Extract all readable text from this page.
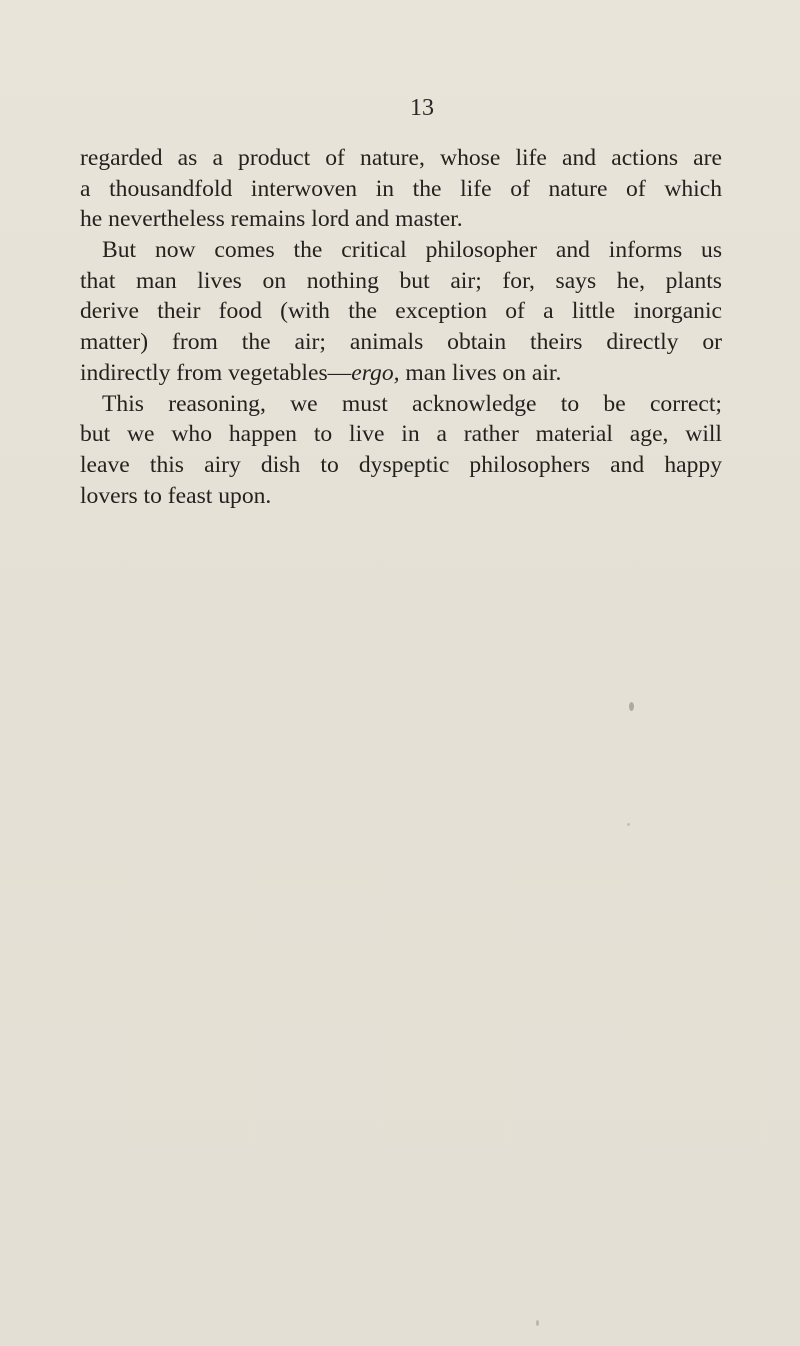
13
regarded as a product of nature, whose life and actions are
a thousandfold interwoven in the life of nature of which
he nevertheless remains lord and master.
But now comes the critical philosopher and informs us
that man lives on nothing but air; for, says he, plants
derive their food (with the exception of a little inorganic
matter) from the air; animals obtain theirs directly or
indirectly from vegetables—ergo, man lives on air.
This reasoning, we must acknowledge to be correct;
but we who happen to live in a rather material age, will
leave this airy dish to dyspeptic philosophers and happy
lovers to feast upon.
